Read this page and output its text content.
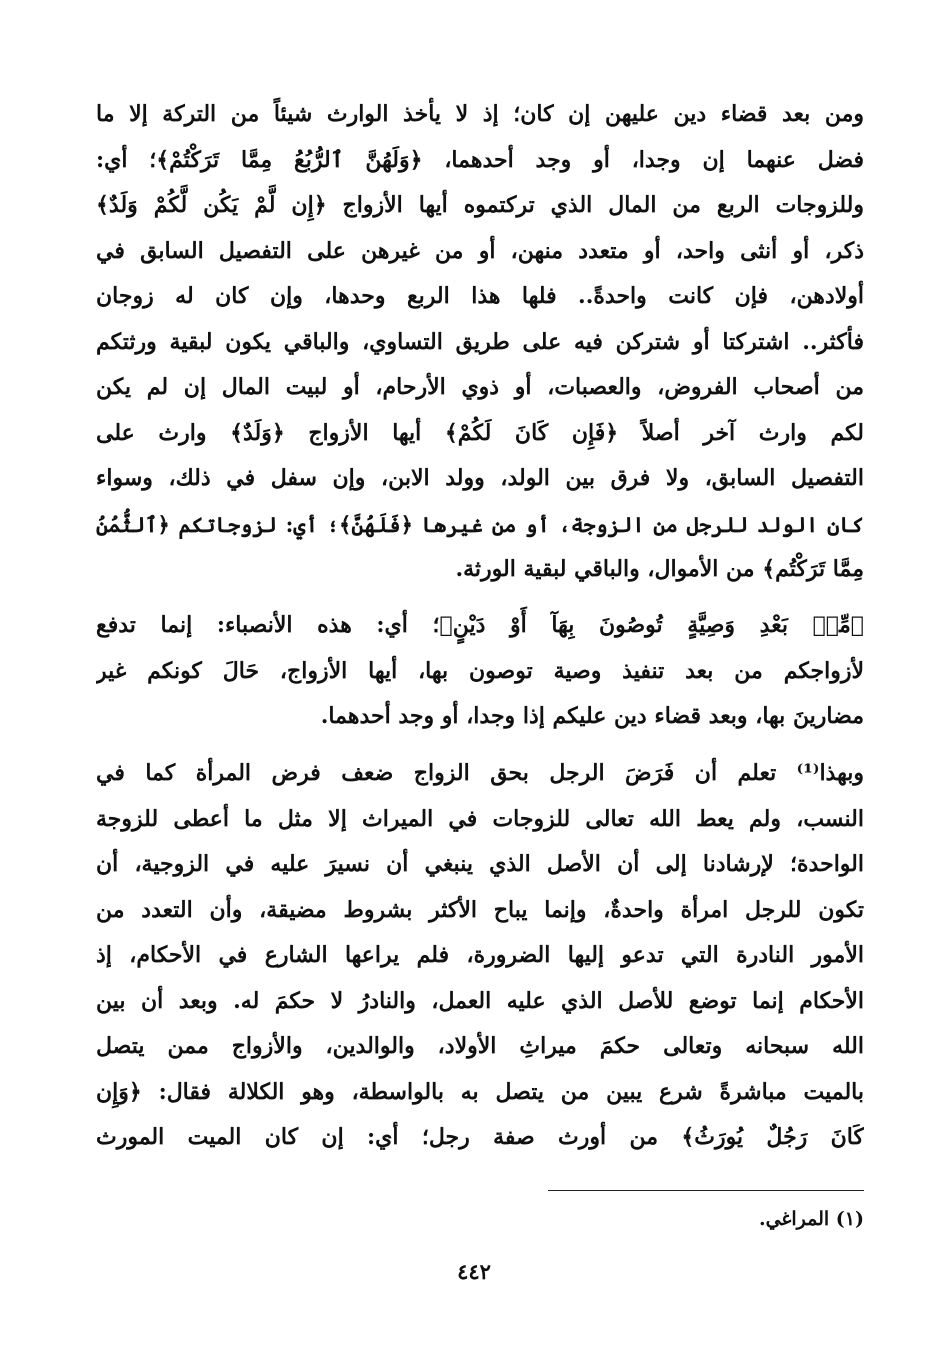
ومن بعد قضاء دين عليهن إن كان؛ إذ لا يأخذ الوارث شيئاً من التركة إلا ما
فضل عنهما إن وجدا، أو وجد أحدهما، ﴿وَلَهُنَّ ٱلرُّبُعُ مِمَّا تَرَكْتُمْ﴾؛ أي:
وللزوجات الربع من المال الذي تركتموه أيها الأزواج ﴿إِن لَّمْ يَكُن لَّكُمْ وَلَدٌ﴾
ذكر، أو أنثى واحد، أو متعدد منهن، أو من غيرهن على التفصيل السابق في
أولادهن، فإن كانت واحدةً.. فلها هذا الربع وحدها، وإن كان له زوجان
فأكثر.. اشتركتا أو شتركن فيه على طريق التساوي، والباقي يكون لبقية ورثتكم
من أصحاب الفروض، والعصبات، أو ذوي الأرحام، أو لبيت المال إن لم يكن
لكم وارث آخر أصلاً ﴿فَإِن كَانَ لَكُمْ﴾ أيها الأزواج ﴿وَلَدٌ﴾ وارث على
التفصيل السابق، ولا فرق بين الولد، وولد الابن، وإن سفل في ذلك، وسواء
كان الولد للرجل من الزوجة، أو من غيرها ﴿فَلَهُنَّ﴾؛ أي: لزوجاتكم ﴿ٱلثُّمُنُ
مِمَّا تَرَكْتُم﴾ من الأموال، والباقي لبقية الورثة.
﴿مِّنۢ بَعْدِ وَصِيَّةٍ تُوصُونَ بِهَآ أَوْ دَيْنٍ﴾؛ أي: هذه الأنصباء: إنما تدفع
لأزواجكم من بعد تنفيذ وصية توصون بها، أيها الأزواج، حَالَ كونكم غير
مضارينَ بها، وبعد قضاء دين عليكم إذا وجدا، أو وجد أحدهما.
وبهذا⁽¹⁾ تعلم أن فَرَضَ الرجل بحق الزواج ضعف فرض المرأة كما في
النسب، ولم يعط الله تعالى للزوجات في الميراث إلا مثل ما أعطى للزوجة
الواحدة؛ لإرشادنا إلى أن الأصل الذي ينبغي أن نسيرَ عليه في الزوجية، أن
تكون للرجل امرأة واحدةٌ، وإنما يباح الأكثر بشروط مضيقة، وأن التعدد من
الأمور النادرة التي تدعو إليها الضرورة، فلم يراعها الشارع في الأحكام، إذ
الأحكام إنما توضع للأصل الذي عليه العمل، والنادرُ لا حكمَ له. وبعد أن بين
الله سبحانه وتعالى حكمَ ميراثِ الأولاد، والوالدين، والأزواج ممن يتصل
بالميت مباشرةً شرع يبين من يتصل به بالواسطة، وهو الكلالة فقال: ﴿وَإِن
كَانَ رَجُلٌ يُورَثُ﴾ من أورث صفة رجل؛ أي: إن كان الميت المورث
(١) المراغي.
٤٤٢
